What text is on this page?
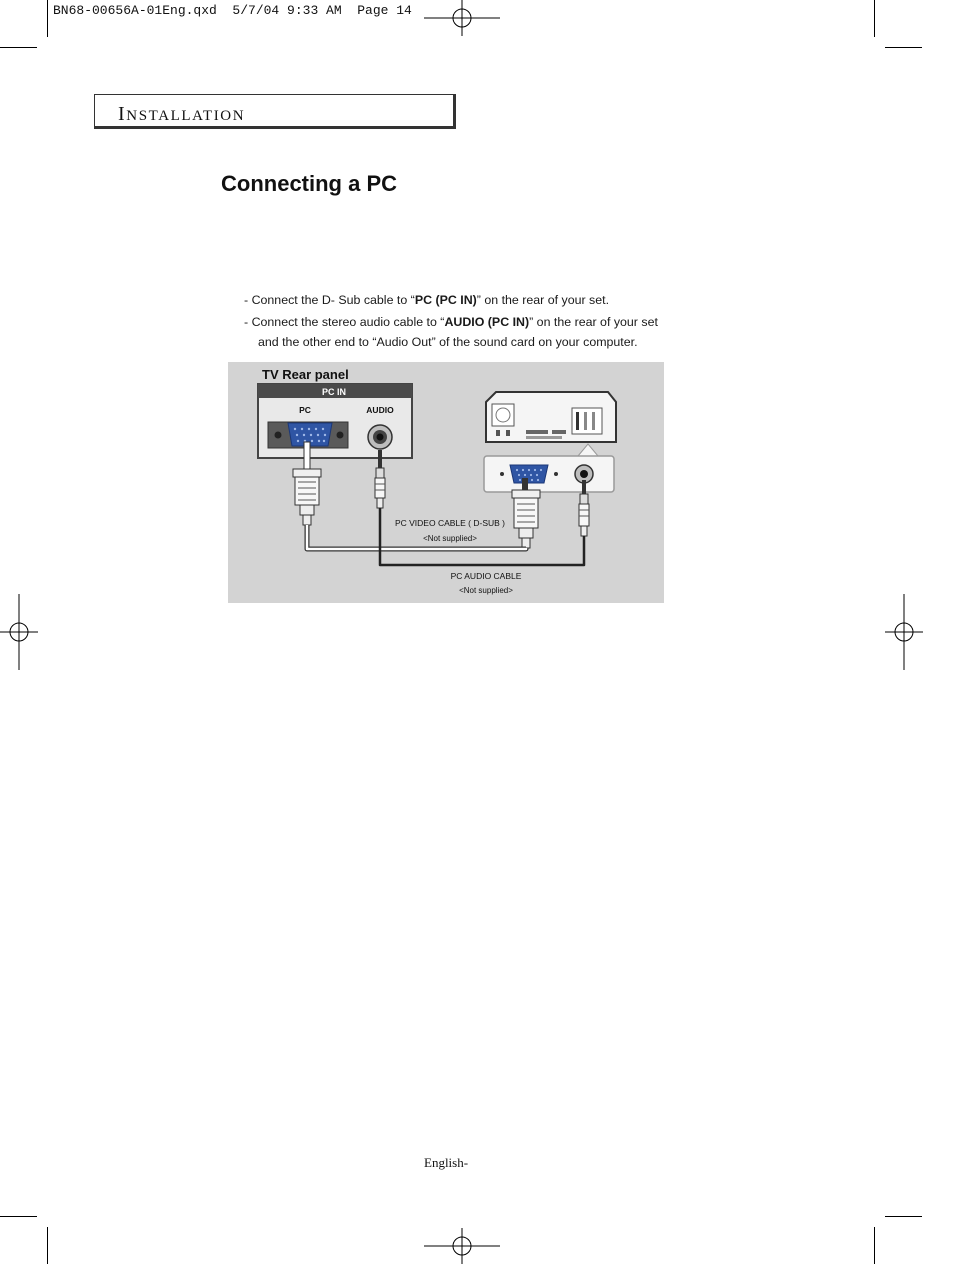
BN68-00656A-01Eng.qxd  5/7/04 9:33 AM  Page 14
INSTALLATION
Connecting a PC
- Connect the D- Sub cable to “PC (PC IN)” on the rear of your set.
- Connect the stereo audio cable to “AUDIO (PC IN)” on the rear of your set
and the other end to “Audio Out” of the sound card on your computer.
TV Rear panel
PC IN
PC	AUDIO
PC VIDEO CABLE ( D-SUB )
<Not supplied>
PC AUDIO CABLE
<Not supplied>
English-
